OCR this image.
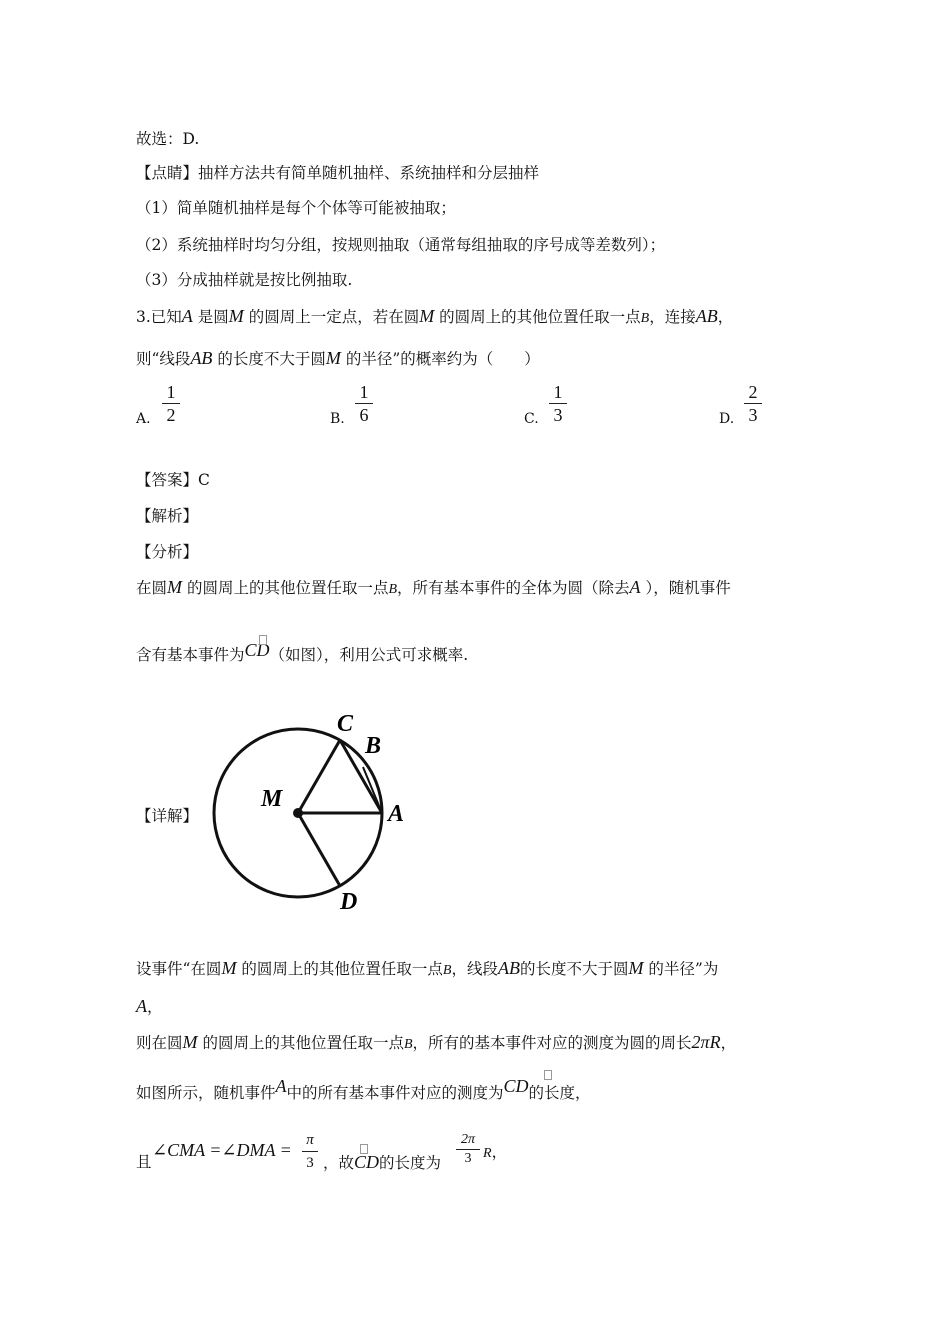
故选：D.
【点睛】抽样方法共有简单随机抽样、系统抽样和分层抽样
（1）简单随机抽样是每个个体等可能被抽取；
（2）系统抽样时均匀分组，按规则抽取（通常每组抽取的序号成等差数列）；
（3）分成抽样就是按比例抽取.
3.已知A 是圆M 的圆周上一定点，若在圆M 的圆周上的其他位置任取一点B，连接AB，
则“线段AB 的长度不大于圆M 的半径”的概率约为（　　）
A.
1
2	B.
1
6	C.
1
3	D.
2
3
【答案】C
【解析】
【分析】
在圆M 的圆周上的其他位置任取一点B，所有基本事件的全体为圆（除去A ），随机事件
含有基本事件为CD（如图），利用公式可求概率.
【详解】
C
B
M
A
D
设事件“在圆M 的圆周上的其他位置任取一点B，线段AB的长度不大于圆M 的半径”为
A，
则在圆M 的圆周上的其他位置任取一点B，所有的基本事件对应的测度为圆的周长2πR，
如图所示，随机事件A中的所有基本事件对应的测度为CD的长度，
且
∠CMA =∠DMA = π
3 ，故CD的长度为
2π
3 R，
